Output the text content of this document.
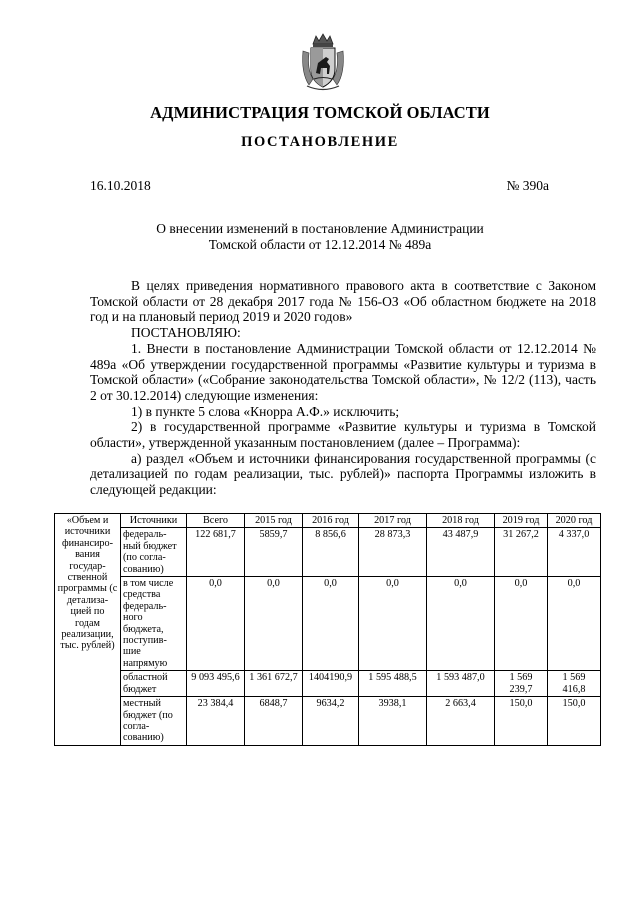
АДМИНИСТРАЦИЯ ТОМСКОЙ ОБЛАСТИ
ПОСТАНОВЛЕНИЕ
16.10.2018	№ 390а
О внесении изменений в постановление Администрации
Томской области от 12.12.2014 № 489а

В целях приведения нормативного правового акта в соответствие с Законом Томской области от 28 декабря 2017 года № 156-ОЗ «Об областном бюджете на 2018 год и на плановый период 2019 и 2020 годов»

ПОСТАНОВЛЯЮ:

1. Внести в постановление Администрации Томской области от 12.12.2014 № 489а «Об утверждении государственной программы «Развитие культуры и туризма в Томской области» («Собрание законодательства Томской области», № 12/2 (113), часть 2 от 30.12.2014) следующие изменения:

1) в пункте 5 слова «Кнорра А.Ф.» исключить;

2) в государственной программе «Развитие культуры и туризма в Томской области», утвержденной указанным постановлением (далее – Программа):

а) раздел «Объем и источники финансирования государственной программы (с детализацией по годам реализации, тыс. рублей)» паспорта Программы изложить в следующей редакции:

«Объем и источники финансиро-вания государ-ственной программы (с детализа-цией по годам реализации, тыс. рублей)	Источники	Всего	2015 год	2016 год	2017 год	2018 год	2019 год	2020 год
	федераль-ный бюджет (по согла-сованию)	122 681,7	5859,7	8 856,6	28 873,3	43 487,9	31 267,2	4 337,0
	в том числе средства федераль-ного бюджета, поступив-шие напрямую	0,0	0,0	0,0	0,0	0,0	0,0	0,0
	областной бюджет	9 093 495,6	1 361 672,7	1404190,9	1 595 488,5	1 593 487,0	1 569 239,7	1 569 416,8
	местный бюджет (по согла-сованию)	23 384,4	6848,7	9634,2	3938,1	2 663,4	150,0	150,0
